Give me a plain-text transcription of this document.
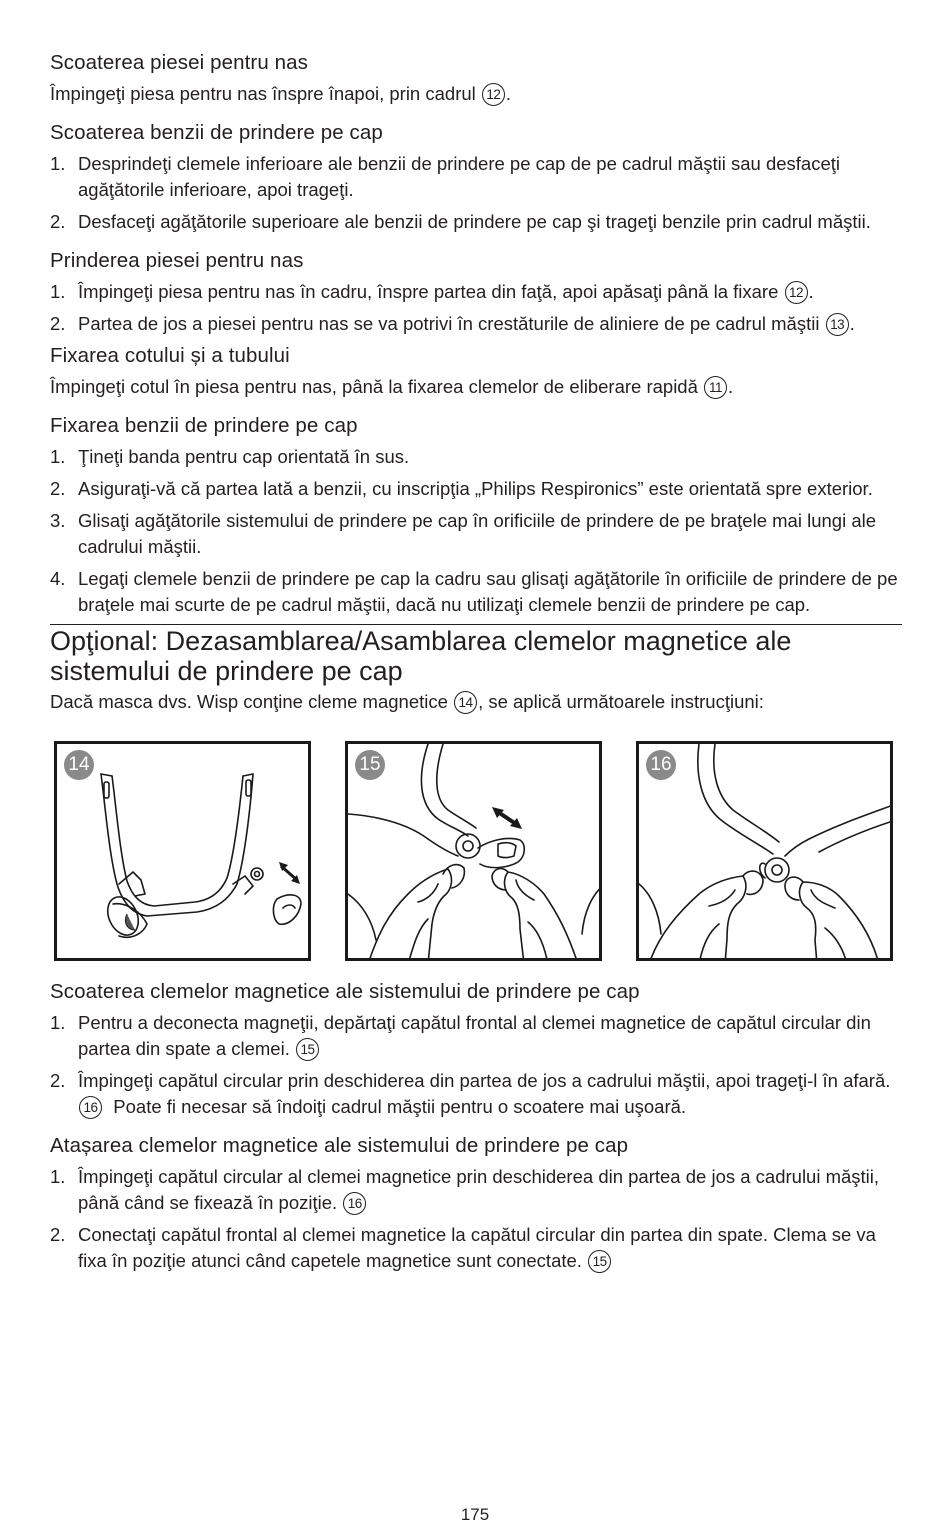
Scoaterea piesei pentru nas

Împingeţi piesa pentru nas înspre înapoi, prin cadrul 12 .

Scoaterea benzii de prindere pe cap
1. Desprindeţi clemele inferioare ale benzii de prindere pe cap de pe cadrul măştii sau desfaceţi agăţătorile inferioare, apoi trageţi.
2. Desfaceţi agăţătorile superioare ale benzii de prindere pe cap şi trageţi benzile prin cadrul măştii.
Prinderea piesei pentru nas
1. Împingeţi piesa pentru nas în cadru, înspre partea din faţă, apoi apăsaţi până la fixare 12 .
2. Partea de jos a piesei pentru nas se va potrivi în crestăturile de aliniere de pe cadrul măştii 13 .
Fixarea cotului și a tubului

Împingeţi cotul în piesa pentru nas, până la fixarea clemelor de eliberare rapidă 11 .

Fixarea benzii de prindere pe cap
1. Ţineţi banda pentru cap orientată în sus.
2. Asiguraţi-vă că partea lată a benzii, cu inscripţia „Philips Respironics” este orientată spre exterior.
3. Glisaţi agăţătorile sistemului de prindere pe cap în orificiile de prindere de pe braţele mai lungi ale cadrului măştii.
4. Legaţi clemele benzii de prindere pe cap la cadru sau glisaţi agăţătorile în orificiile de prindere de pe braţele mai scurte de pe cadrul măştii, dacă nu utilizaţi clemele benzii de prindere pe cap.
Opţional: Dezasamblarea/Asamblarea clemelor magnetice ale sistemului de prindere pe cap

Dacă masca dvs. Wisp conţine cleme magnetice 14 , se aplică următoarele instrucţiuni:

14	15	16
Scoaterea clemelor magnetice ale sistemului de prindere pe cap
1. Pentru a deconecta magneţii, depărtaţi capătul frontal al clemei magnetice de capătul circular din partea din spate a clemei. 15
2. Împingeţi capătul circular prin deschiderea din partea de jos a cadrului măştii, apoi trageţi-l în afară. 16  Poate fi necesar să îndoiţi cadrul măştii pentru o scoatere mai uşoară.
Atașarea clemelor magnetice ale sistemului de prindere pe cap
1. Împingeţi capătul circular al clemei magnetice prin deschiderea din partea de jos a cadrului măştii, până când se fixează în poziţie. 16
2. Conectaţi capătul frontal al clemei magnetice la capătul circular din partea din spate. Clema se va fixa în poziţie atunci când capetele magnetice sunt conectate. 15
175
